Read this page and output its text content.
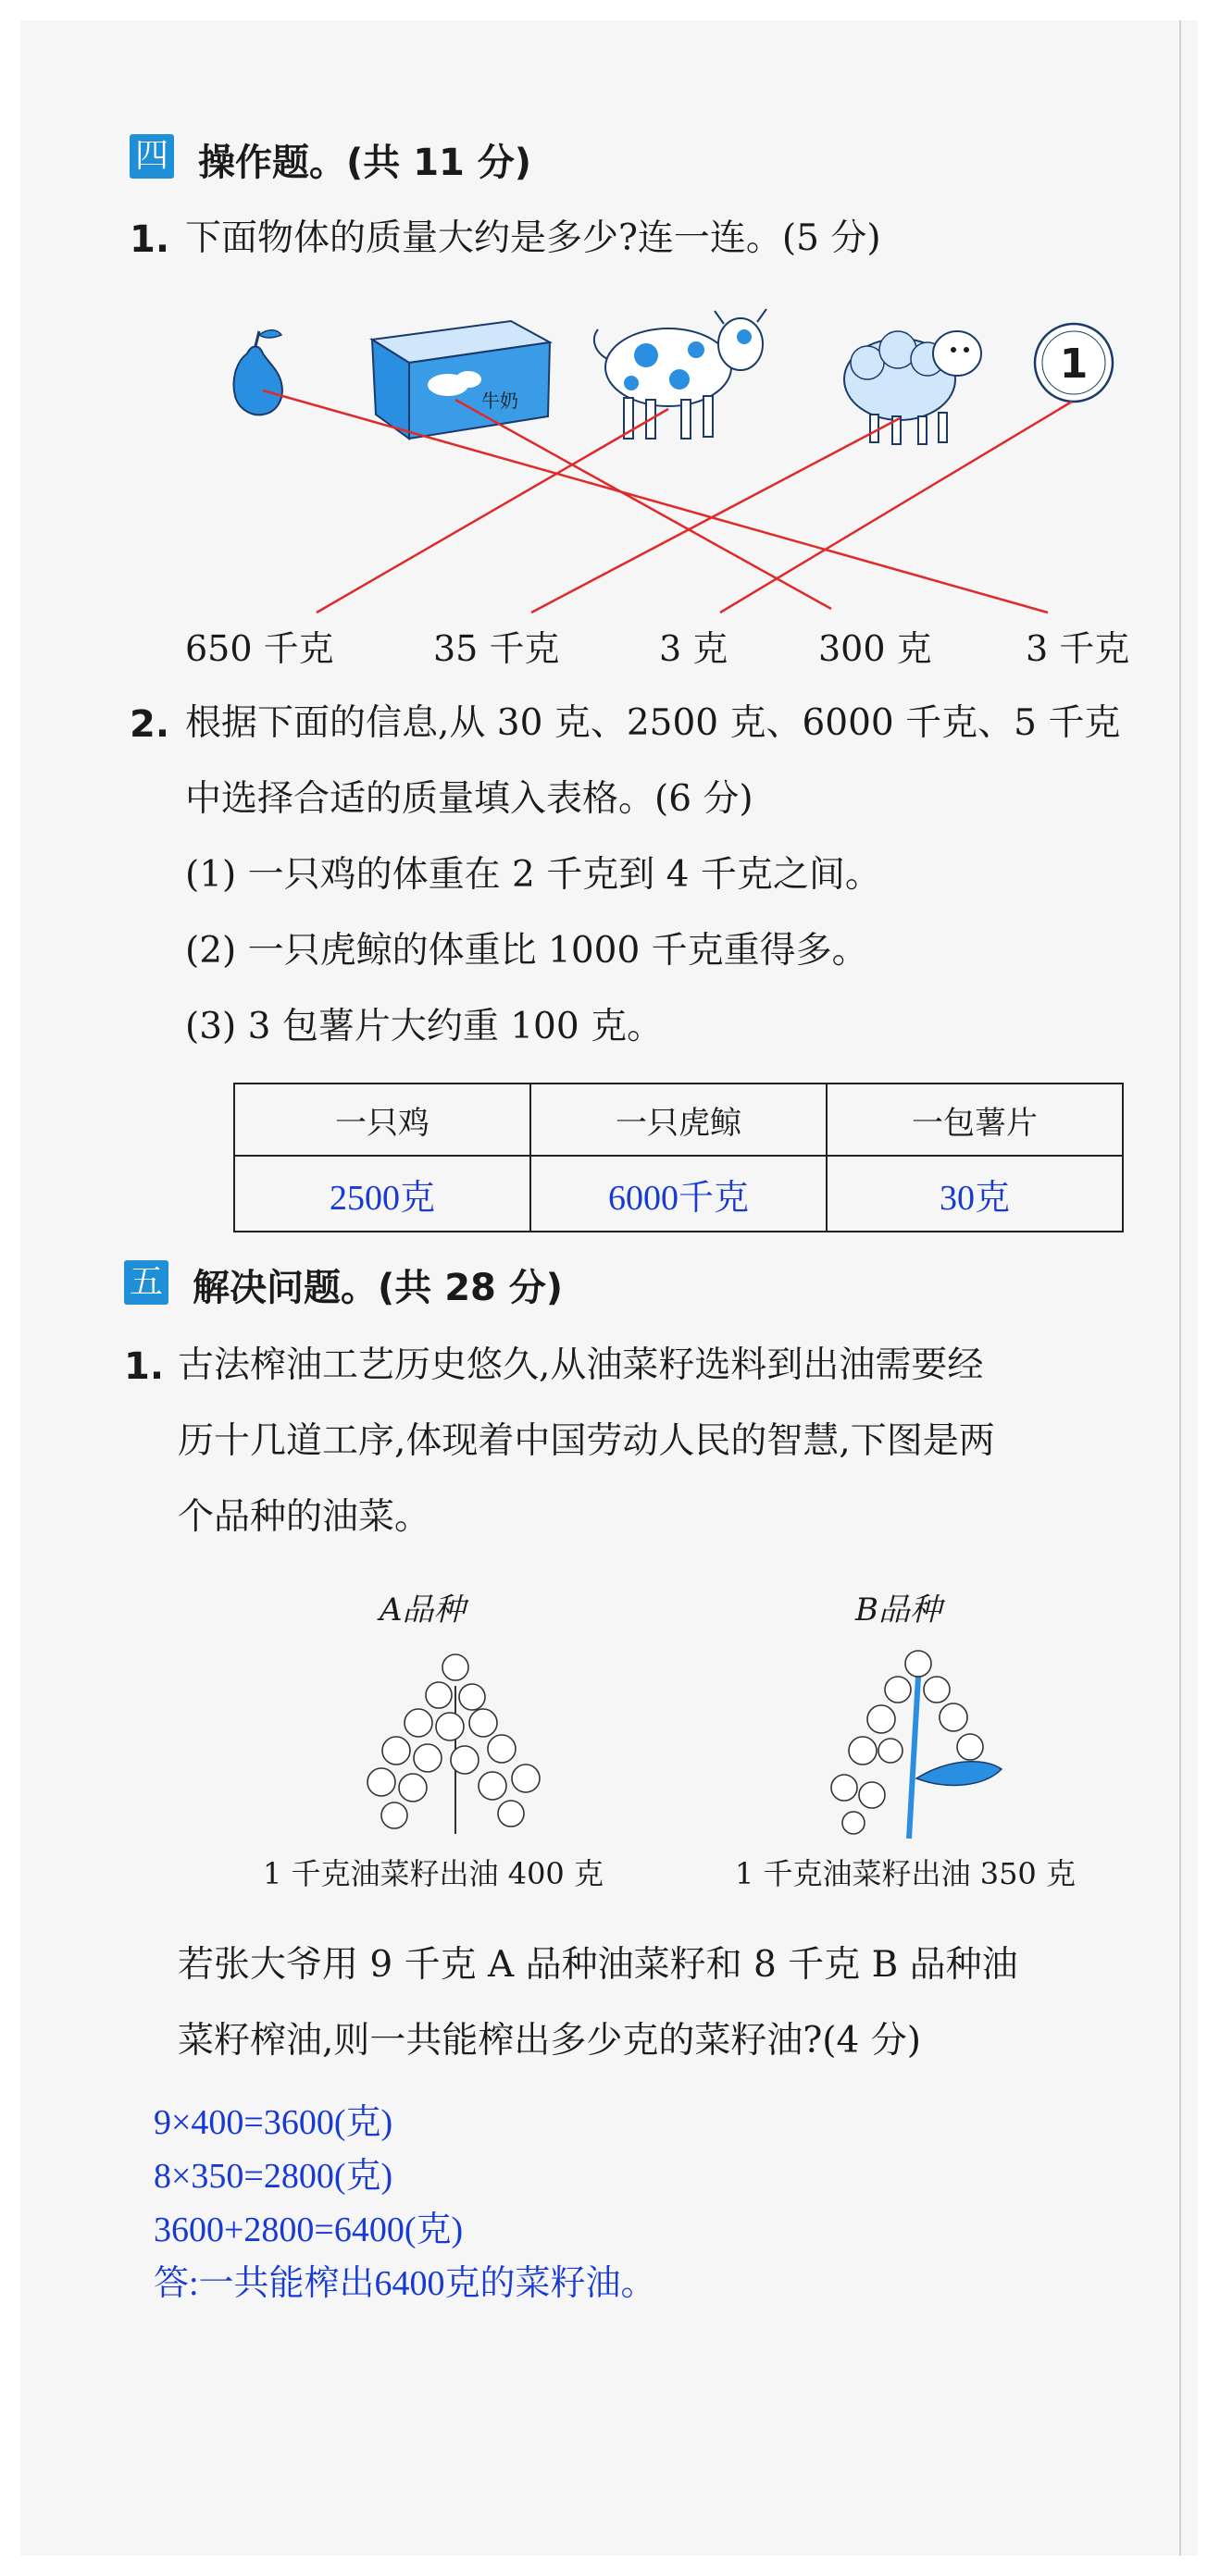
四 操作题。(共 11 分)
1. 下面物体的质量大约是多少?连一连。(5 分)
牛奶
1
650 千克	35 千克	3 克	300 克	3 千克
2. 根据下面的信息,从 30 克、2500 克、6000 千克、5 千克
中选择合适的质量填入表格。(6 分)
(1) 一只鸡的体重在 2 千克到 4 千克之间。
(2) 一只虎鲸的体重比 1000 千克重得多。
(3) 3 包薯片大约重 100 克。
一只鸡	一只虎鲸	一包薯片
2500克	6000千克	30克
五 解决问题。(共 28 分)
1. 古法榨油工艺历史悠久,从油菜籽选料到出油需要经
历十几道工序,体现着中国劳动人民的智慧,下图是两
个品种的油菜。
A品种	B品种
1 千克油菜籽出油 400 克	1 千克油菜籽出油 350 克
若张大爷用 9 千克 A 品种油菜籽和 8 千克 B 品种油
菜籽榨油,则一共能榨出多少克的菜籽油?(4 分)
9×400=3600(克)
8×350=2800(克)
3600+2800=6400(克)
答:一共能榨出6400克的菜籽油。
